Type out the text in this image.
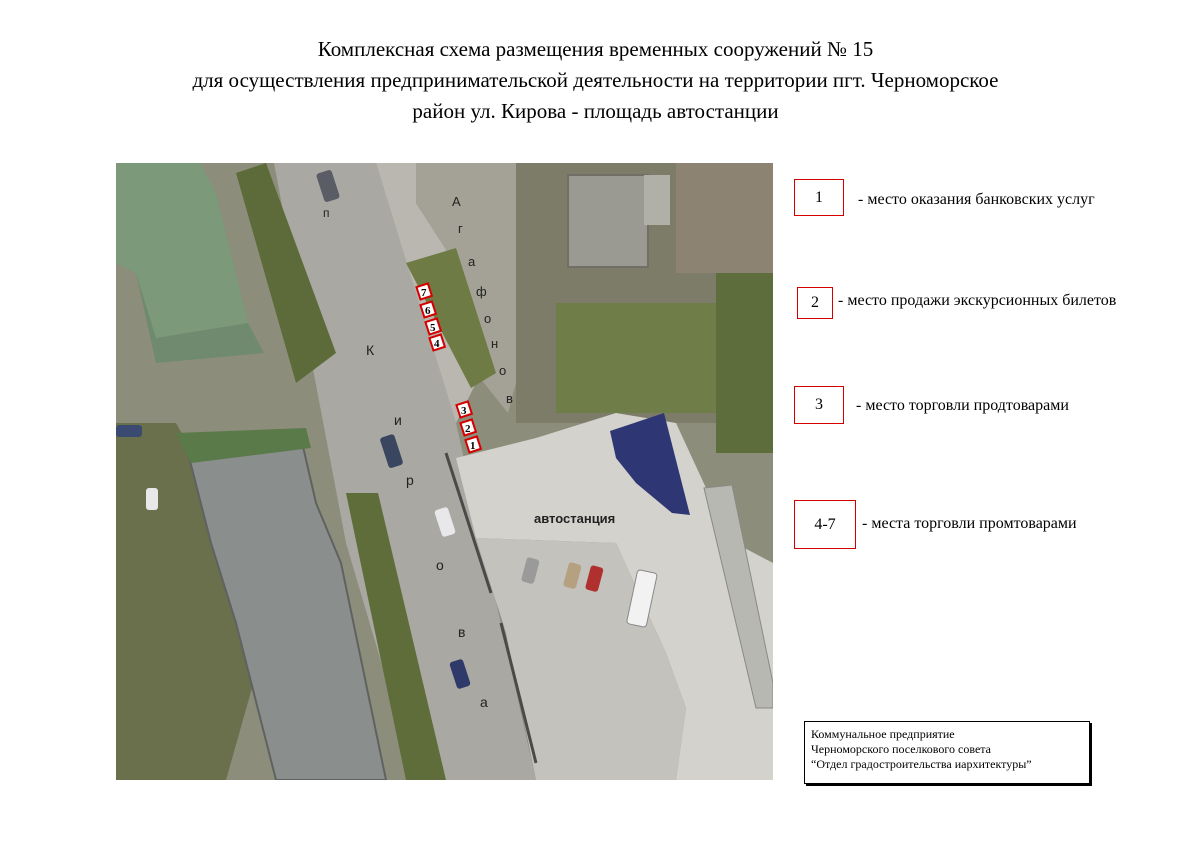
Комплексная схема размещения временных сооружений № 15
для осуществления предпринимательской деятельности на территории пгт. Черноморское
район ул. Кирова - площадь автостанции
п
К
и
р
о
в
а
А
г
а
ф
о
н
о
в
автостанция
7
6
5
4
3
2
1
1	- место оказания банковских услуг
2	- место продажи экскурсионных билетов
3	- место торговли продтоварами
4-7	- места торговли промтоварами
Коммунальное предприятие
Черноморского поселкового совета
“Отдел градостроительства иархитектуры”
